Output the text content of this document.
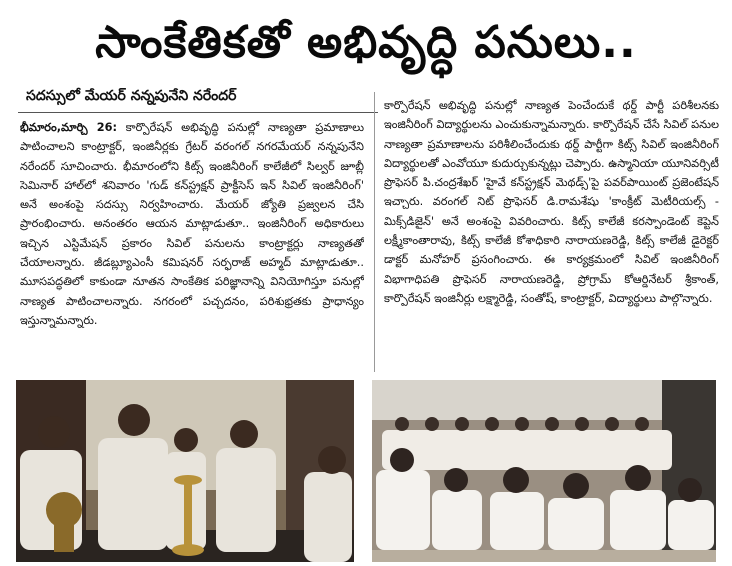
సాంకేతికతో అభివృద్ధి పనులు..
సదస్సులో మేయర్ నన్నపునేని నరేందర్

భీమారం,మార్చి 26: కార్పొరేషన్ అభివృద్ధి పనుల్లో నాణ్యతా ప్రమాణాలు పాటించాలని కాంట్రాక్టర్, ఇంజినీర్లకు గ్రేటర్ వరంగల్ నగరమేయర్ నన్నపునేని నరేందర్ సూచించారు. భీమారంలోని కిట్స్ ఇంజినీరింగ్ కాలేజీలో సిల్వర్ జూబ్లీ సెమినార్ హాల్‌లో శనివారం 'గుడ్ కన్‌స్ట్రక్షన్ ప్రాక్టీసెస్ ఇన్ సివిల్ ఇంజినీరింగ్' అనే అంశంపై సదస్సు నిర్వహించారు. మేయర్ జ్యోతి ప్రజ్వలన చేసి ప్రారంభించారు. అనంతరం ఆయన మాట్లాడుతూ.. ఇంజినీరింగ్ అధికారులు ఇచ్చిన ఎస్టిమేషన్ ప్రకారం సివిల్ పనులను కాంట్రాక్టర్లు నాణ్యతతో చేయాలన్నారు. జీడబ్ల్యూఎంసీ కమిషనర్ సర్ఫరాజ్ అహ్మద్ మాట్లాడుతూ.. మూసపద్ధతిలో కాకుండా నూతన సాంకేతిక పరిజ్ఞానాన్ని వినియోగిస్తూ పనుల్లో నాణ్యత పాటించాలన్నారు. నగరంలో పచ్చదనం, పరిశుభ్రతకు ప్రాధాన్యం ఇస్తున్నామన్నారు.

కార్పొరేషన్ అభివృద్ధి పనుల్లో నాణ్యత పెంచేందుకే థర్డ్ పార్టీ పరిశీలనకు ఇంజినీరింగ్ విద్యార్థులను ఎంచుకున్నామన్నారు. కార్పొరేషన్ చేసే సివిల్ పనుల నాణ్యతా ప్రమాణాలను పరిశీలించేందుకు థర్డ్ పార్టీగా కిట్స్ సివిల్ ఇంజినీరింగ్ విద్యార్థులతో ఎంవోయూ కుదుర్చుకున్నట్లు చెప్పారు. ఉస్మానియా యూనివర్సిటీ ప్రొఫెసర్ పి.చంద్రశేఖర్ 'హైవే కన్‌స్ట్రక్షన్ మెథడ్స్'పై పవర్‌పాయింట్ ప్రజెంటేషన్ ఇచ్చారు. వరంగల్ నిట్ ప్రొఫెసర్ డి.రామశేషు 'కాంక్రీట్ మెటీరియల్స్ - మిక్స్‌డిజైన్' అనే అంశంపై వివరించారు. కిట్స్ కాలేజీ కరస్పాండెంట్ కెప్టెన్ లక్ష్మీకాంతారావు, కిట్స్ కాలేజీ కోశాధికారి నారాయణరెడ్డి, కిట్స్ కాలేజీ డైరెక్టర్ డాక్టర్ మనోహర్ ప్రసంగించారు. ఈ కార్యక్రమంలో సివిల్ ఇంజినీరింగ్ విభాగాధిపతి ప్రొఫెసర్ నారాయణరెడ్డి, ప్రోగ్రామ్ కోఆర్డినేటర్ శ్రీకాంత్, కార్పొరేషన్ ఇంజినీర్లు లక్ష్మారెడ్డి, సంతోష్, కాంట్రాక్టర్, విద్యార్థులు పాల్గొన్నారు.
